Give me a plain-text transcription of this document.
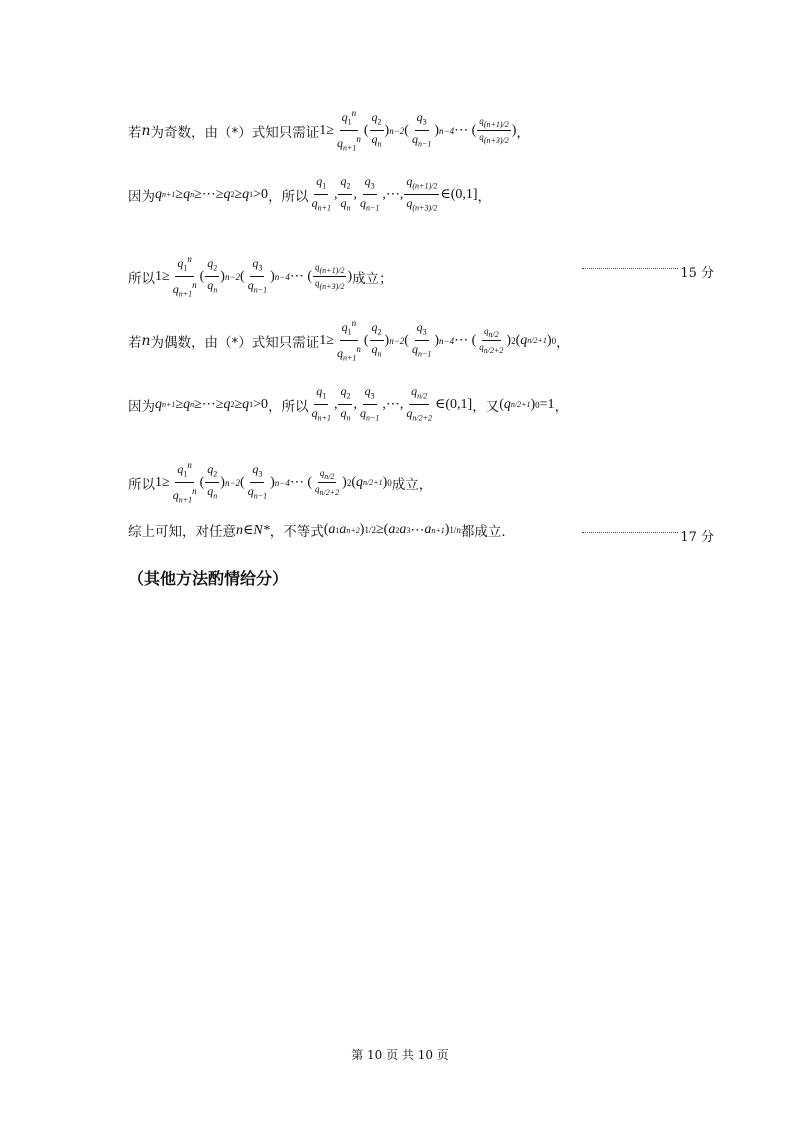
若 n 为奇数，由（*）式知只需证 $1\ge \frac{q_1^n}{q_{n+1}^n}$ ( $\frac{q_2}{q_n}$ ) n−2 ( $\frac{q_3}{q_{n-1}}$ ) n−4 ⋯ ( $\frac{q_{(n+1)/2}}{q_{(n+3)/2}}$ ) ，
因为 q n+1 ≥ q n ≥⋯≥ q 2 ≥ q 1 >0 ，所以 $\frac{q_1}{q_{n+1}}$ , $\frac{q_2}{q_n}$ , $\frac{q_3}{q_{n-1}}$ ,⋯, $\frac{q_{(n+1)/2}}{q_{(n+3)/2}}$ ∈(0,1] ，
所以 $1\ge \frac{q_1^n}{q_{n+1}^n}$ ( $\frac{q_2}{q_n}$ ) n−2 ( $\frac{q_3}{q_{n-1}}$ ) n−4 ⋯ ( $\frac{q_{(n+1)/2}}{q_{(n+3)/2}}$ ) 成立；	15 分
若 n 为偶数，由（*）式知只需证 $1\ge \frac{q_1^n}{q_{n+1}^n}$ ( $\frac{q_2}{q_n}$ ) n−2 ( $\frac{q_3}{q_{n-1}}$ ) n−4 ⋯ ( $\frac{q_{n/2}}{q_{n/2+2}}$ ) 2 ( q n/2+1 ) 0 ，
因为 q n+1 ≥ q n ≥⋯≥ q 2 ≥ q 1 >0 ，所以 $\frac{q_1}{q_{n+1}}$ , $\frac{q_2}{q_n}$ , $\frac{q_3}{q_{n-1}}$ ,⋯, $\frac{q_{n/2}}{q_{n/2+2}}$ ∈(0,1] ，又 ( q n/2+1 ) 0 =1 ，
所以 $1\ge \frac{q_1^n}{q_{n+1}^n}$ ( $\frac{q_2}{q_n}$ ) n−2 ( $\frac{q_3}{q_{n-1}}$ ) n−4 ⋯ ( $\frac{q_{n/2}}{q_{n/2+2}}$ ) 2 ( q n/2+1 ) 0 成立，
综上可知，对任意 n∈N* ，不等式 ( a 1 a n+2 ) 1/2 ≥( a 2 a 3 ⋯ a n+1 ) 1/n 都成立.	17 分
（其他方法酌情给分）
第 10 页 共 10 页
